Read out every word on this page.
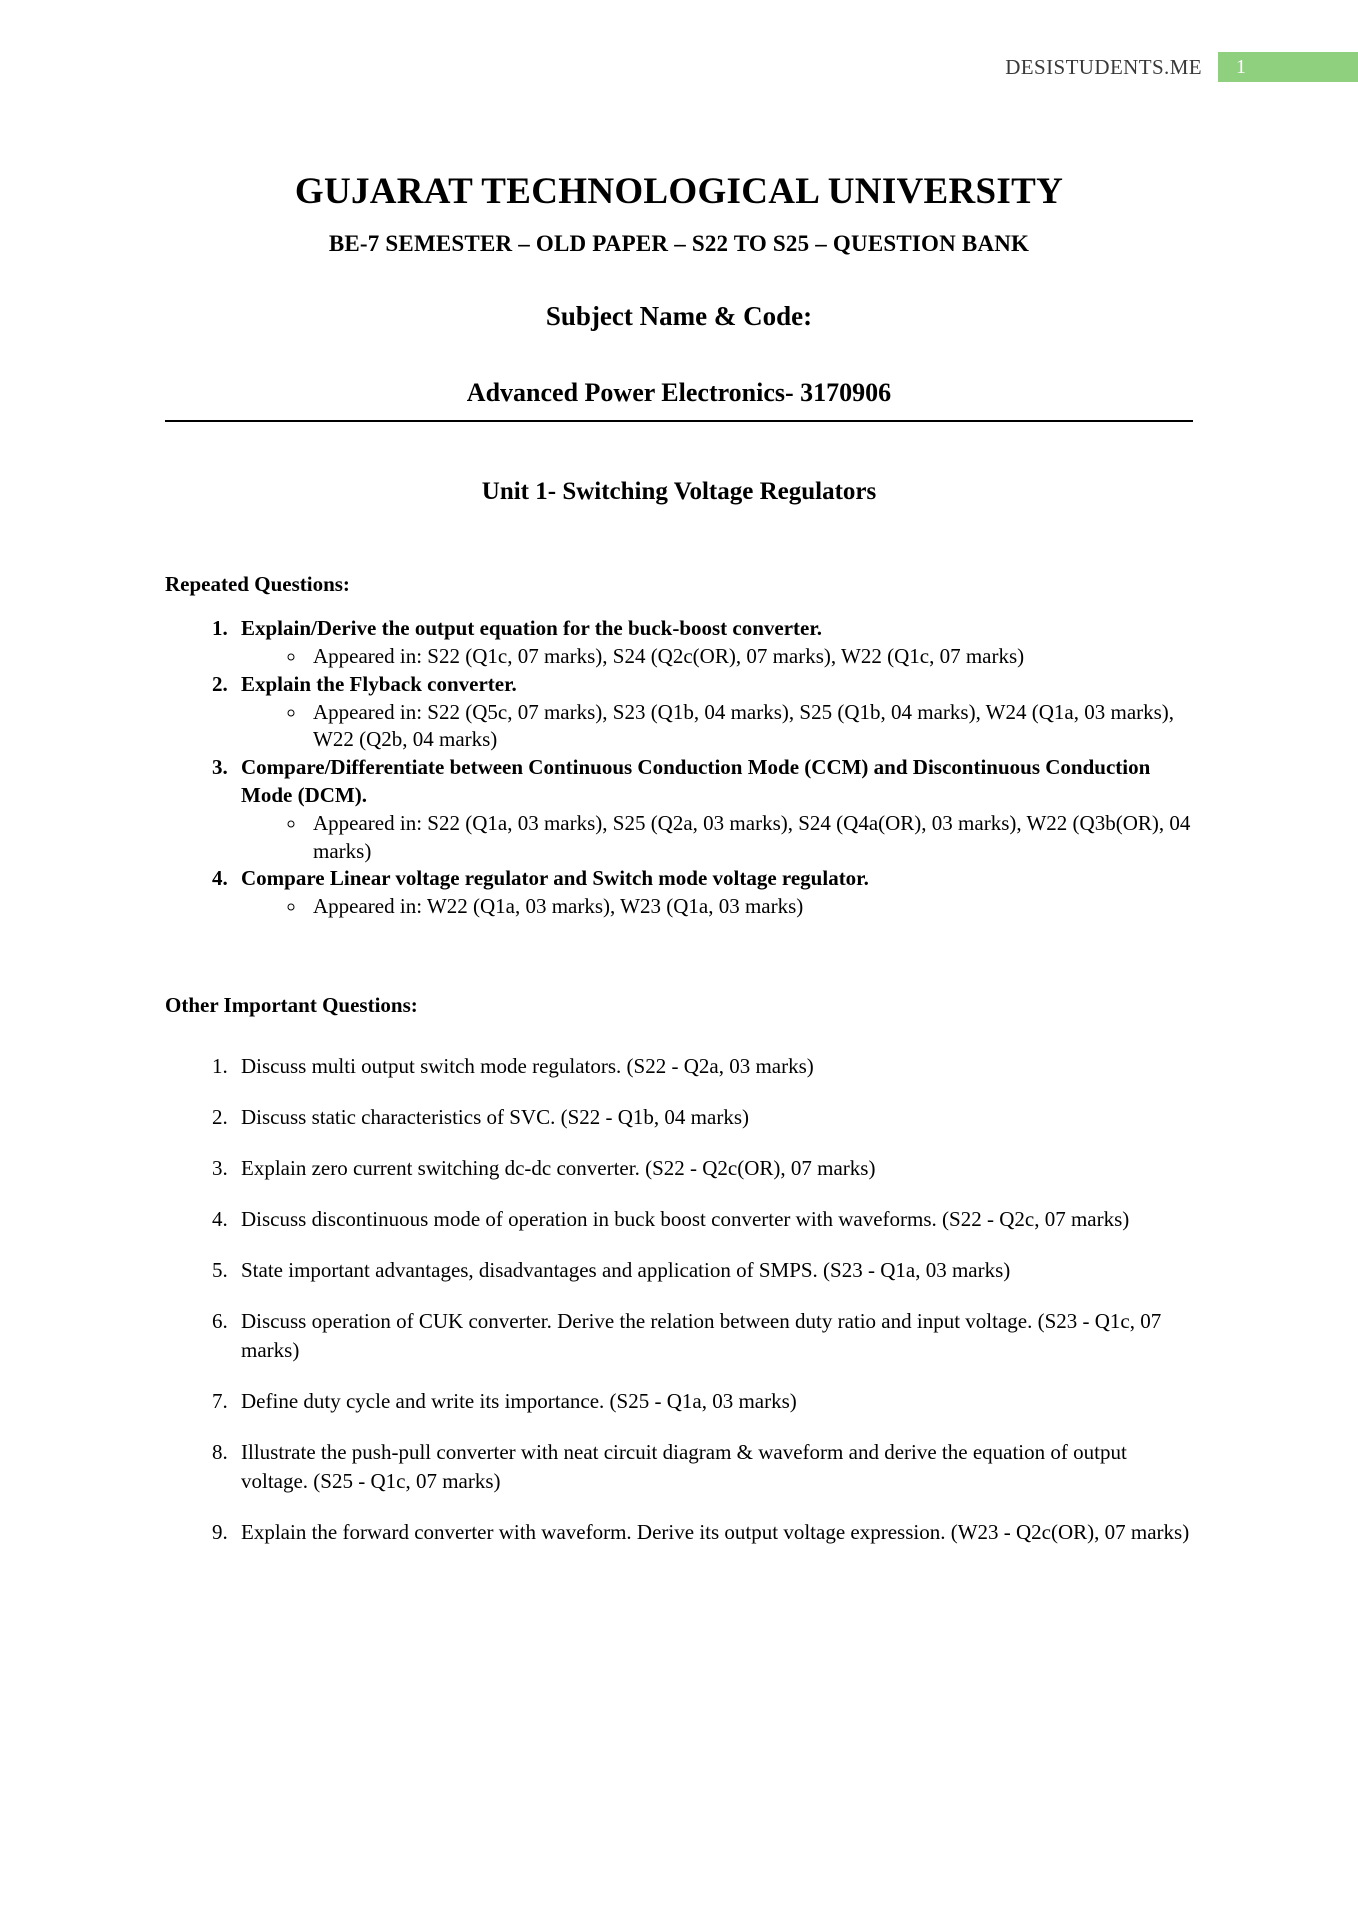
DESISTUDENTS.ME	1
GUJARAT TECHNOLOGICAL UNIVERSITY
BE-7 SEMESTER – OLD PAPER – S22 TO S25 – QUESTION BANK
Subject Name & Code:
Advanced Power Electronics- 3170906
Unit 1- Switching Voltage Regulators
Repeated Questions:
1. Explain/Derive the output equation for the buck-boost converter.
◦ Appeared in: S22 (Q1c, 07 marks), S24 (Q2c(OR), 07 marks), W22 (Q1c, 07 marks)
2. Explain the Flyback converter.
◦ Appeared in: S22 (Q5c, 07 marks), S23 (Q1b, 04 marks), S25 (Q1b, 04 marks), W24 (Q1a, 03 marks), W22 (Q2b, 04 marks)
3. Compare/Differentiate between Continuous Conduction Mode (CCM) and Discontinuous Conduction Mode (DCM).
◦ Appeared in: S22 (Q1a, 03 marks), S25 (Q2a, 03 marks), S24 (Q4a(OR), 03 marks), W22 (Q3b(OR), 04 marks)
4. Compare Linear voltage regulator and Switch mode voltage regulator.
◦ Appeared in: W22 (Q1a, 03 marks), W23 (Q1a, 03 marks)
Other Important Questions:
1. Discuss multi output switch mode regulators. (S22 - Q2a, 03 marks)
2. Discuss static characteristics of SVC. (S22 - Q1b, 04 marks)
3. Explain zero current switching dc-dc converter. (S22 - Q2c(OR), 07 marks)
4. Discuss discontinuous mode of operation in buck boost converter with waveforms. (S22 - Q2c, 07 marks)
5. State important advantages, disadvantages and application of SMPS. (S23 - Q1a, 03 marks)
6. Discuss operation of CUK converter. Derive the relation between duty ratio and input voltage. (S23 - Q1c, 07 marks)
7. Define duty cycle and write its importance. (S25 - Q1a, 03 marks)
8. Illustrate the push-pull converter with neat circuit diagram & waveform and derive the equation of output voltage. (S25 - Q1c, 07 marks)
9. Explain the forward converter with waveform. Derive its output voltage expression. (W23 - Q2c(OR), 07 marks)
